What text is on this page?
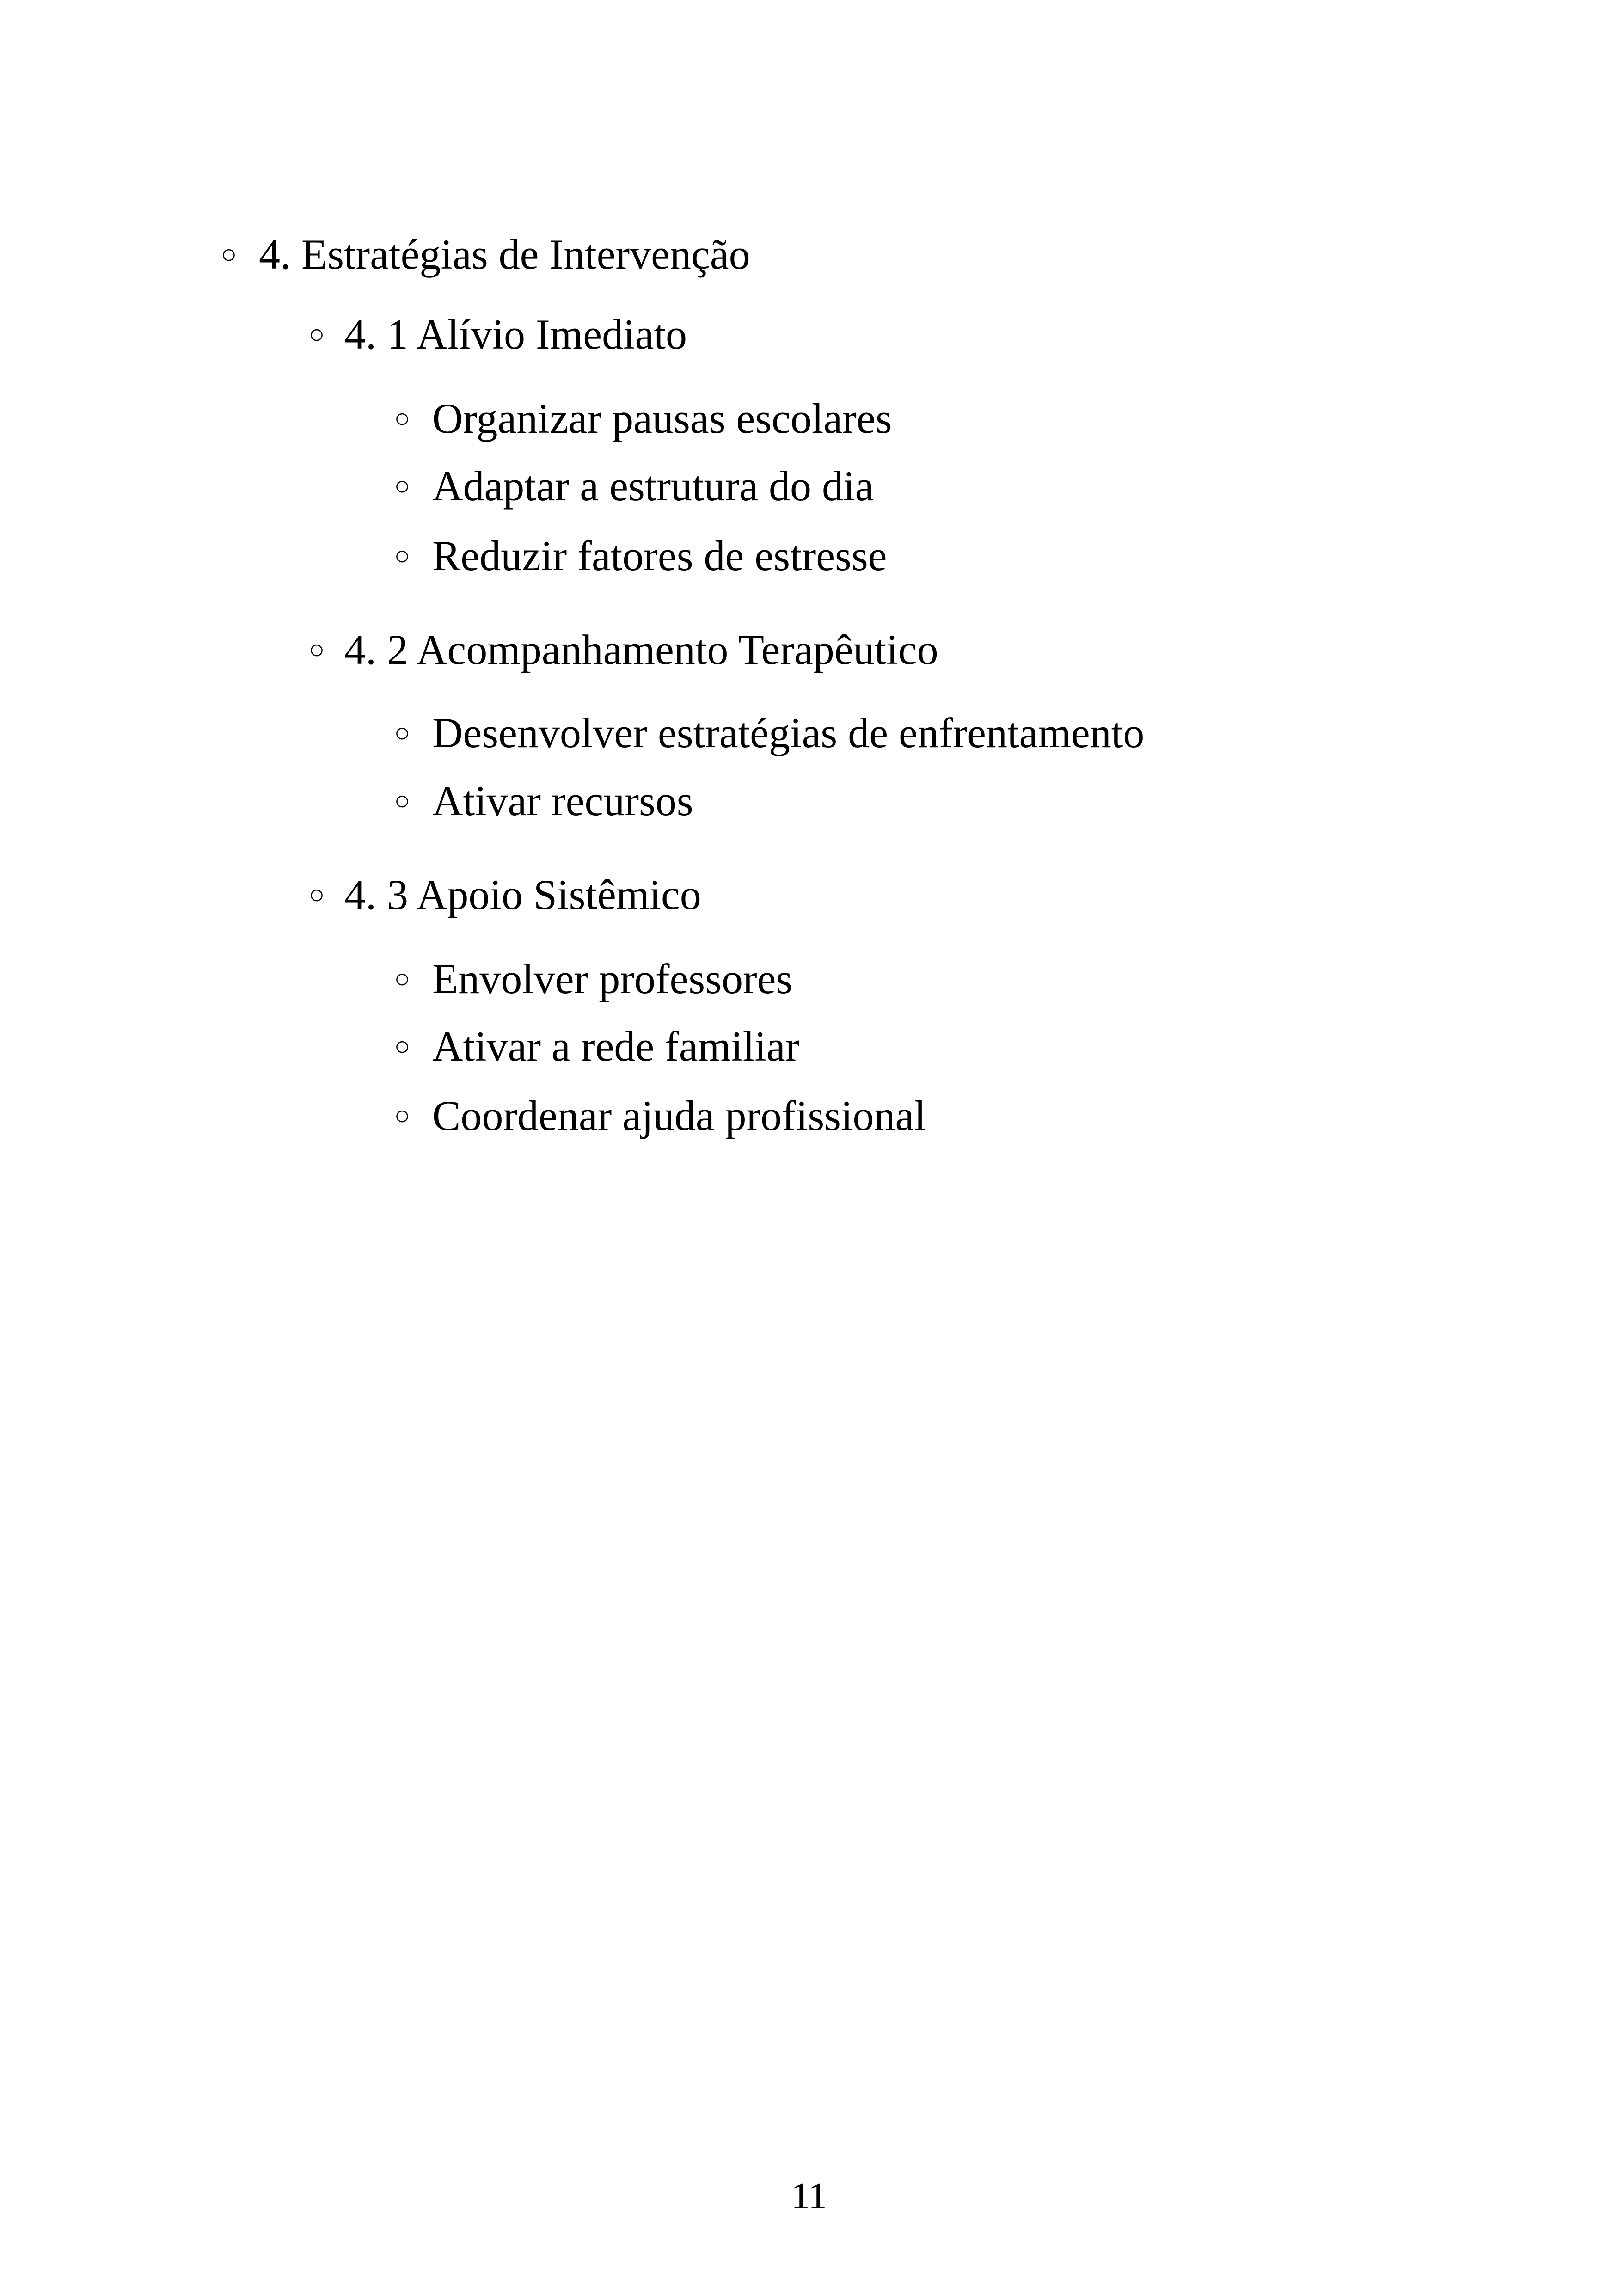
○ 4. Estratégias de Intervenção
○ 4. 1 Alívio Imediato
○ Organizar pausas escolares
○ Adaptar a estrutura do dia
○ Reduzir fatores de estresse
○ 4. 2 Acompanhamento Terapêutico
○ Desenvolver estratégias de enfrentamento
○ Ativar recursos
○ 4. 3 Apoio Sistêmico
○ Envolver professores
○ Ativar a rede familiar
○ Coordenar ajuda profissional
11
